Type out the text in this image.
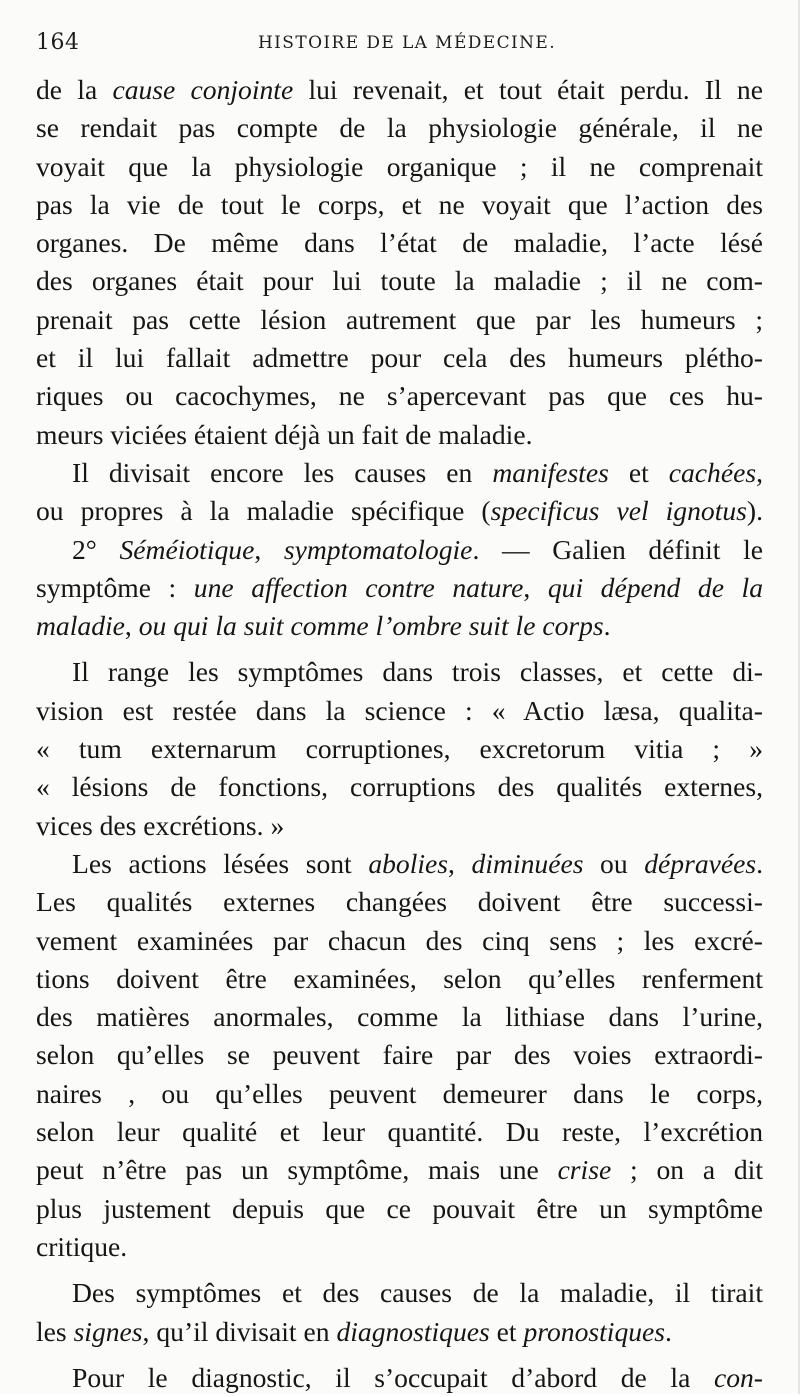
164	HISTOIRE DE LA MÉDECINE.
de la cause conjointe lui revenait, et tout était perdu. Il ne
se rendait pas compte de la physiologie générale, il ne
voyait que la physiologie organique ; il ne comprenait
pas la vie de tout le corps, et ne voyait que l’action des
organes. De même dans l’état de maladie, l’acte lésé
des organes était pour lui toute la maladie ; il ne com-
prenait pas cette lésion autrement que par les humeurs ;
et il lui fallait admettre pour cela des humeurs plétho-
riques ou cacochymes, ne s’apercevant pas que ces hu-
meurs viciées étaient déjà un fait de maladie.
Il divisait encore les causes en manifestes et cachées,
ou propres à la maladie spécifique (specificus vel ignotus).
2° Séméiotique, symptomatologie. — Galien définit le
symptôme : une affection contre nature, qui dépend de la
maladie, ou qui la suit comme l’ombre suit le corps.
Il range les symptômes dans trois classes, et cette di-
vision est restée dans la science : « Actio læsa, qualita-
« tum externarum corruptiones, excretorum vitia ; »
« lésions de fonctions, corruptions des qualités externes,
vices des excrétions. »
Les actions lésées sont abolies, diminuées ou dépravées.
Les qualités externes changées doivent être successi-
vement examinées par chacun des cinq sens ; les excré-
tions doivent être examinées, selon qu’elles renferment
des matières anormales, comme la lithiase dans l’urine,
selon qu’elles se peuvent faire par des voies extraordi-
naires , ou qu’elles peuvent demeurer dans le corps,
selon leur qualité et leur quantité. Du reste, l’excrétion
peut n’être pas un symptôme, mais une crise ; on a dit
plus justement depuis que ce pouvait être un symptôme
critique.
Des symptômes et des causes de la maladie, il tirait
les signes, qu’il divisait en diagnostiques et pronostiques.
Pour le diagnostic, il s’occupait d’abord de la con-
